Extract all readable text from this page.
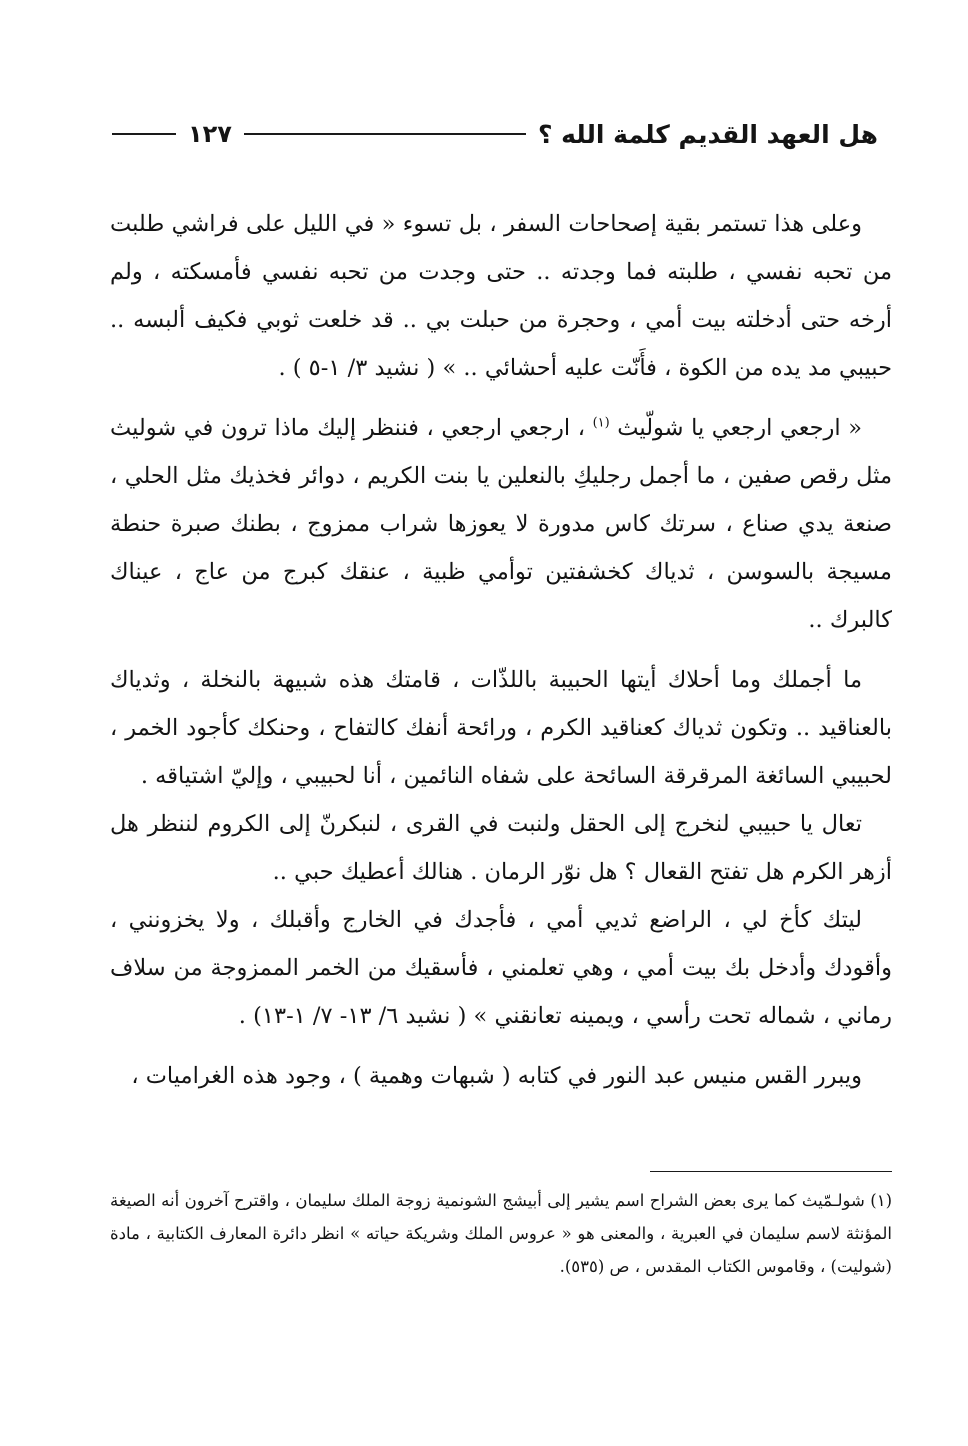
هل العهد القديم كلمة الله ؟
١٢٧

وعلى هذا تستمر بقية إصحاحات السفر ، بل تسوء « في الليل على فراشي طلبت من تحبه نفسي ، طلبته فما وجدته .. حتى وجدت من تحبه نفسي فأمسكته ، ولم أرخه حتى أدخلته بيت أمي ، وحجرة من حبلت بي .. قد خلعت ثوبي فكيف ألبسه .. حبيبي مد يده من الكوة ، فأَنّت عليه أحشائي .. » ( نشيد ٣/ ١-٥ ) .

« ارجعي ارجعي يا شولّيث $^{(١)}$ ، ارجعي ارجعي ، فننظر إليك ماذا ترون في شوليث مثل رقص صفين ، ما أجمل رجليكِ بالنعلين يا بنت الكريم ، دوائر فخذيك مثل الحلي ، صنعة يدي صناع ، سرتك كاس مدورة لا يعوزها شراب ممزوج ، بطنك صبرة حنطة مسيجة بالسوسن ، ثدياك كخشفتين توأمي ظبية ، عنقك كبرج من عاج ، عيناك كالبرك ..

ما أجملك وما أحلاك أيتها الحبيبة باللذّات ، قامتك هذه شبيهة بالنخلة ، وثدياك بالعناقيد .. وتكون ثدياك كعناقيد الكرم ، ورائحة أنفك كالتفاح ، وحنكك كأجود الخمر ، لحبيبي السائغة المرقرقة السائحة على شفاه النائمين ، أنا لحبيبي ، وإليّ اشتياقه .

تعال يا حبيبي لنخرج إلى الحقل ولنبت في القرى ، لنبكرنّ إلى الكروم لننظر هل أزهر الكرم هل تفتح القعال ؟ هل نوّر الرمان . هنالك أعطيك حبي ..

ليتك كأخ لي ، الراضع ثديي أمي ، فأجدك في الخارج وأقبلك ، ولا يخزونني ، وأقودك وأدخل بك بيت أمي ، وهي تعلمني ، فأسقيك من الخمر الممزوجة من سلاف رماني ، شماله تحت رأسي ، ويمينه تعانقني » ( نشيد ٦/ ١٣- ٧/ ١-١٣) .

ويبرر القس منيس عبد النور في كتابه ( شبهات وهمية ) ، وجود هذه الغراميات ،

(١) شولـمّيث كما يرى بعض الشراح اسم يشير إلى أبيشج الشونمية زوجة الملك سليمان ، واقترح آخرون أنه الصيغة المؤنثة لاسم سليمان في العبرية ، والمعنى هو « عروس الملك وشريكة حياته » انظر دائرة المعارف الكتابية ، مادة (شوليت) ، وقاموس الكتاب المقدس ، ص (٥٣٥).
